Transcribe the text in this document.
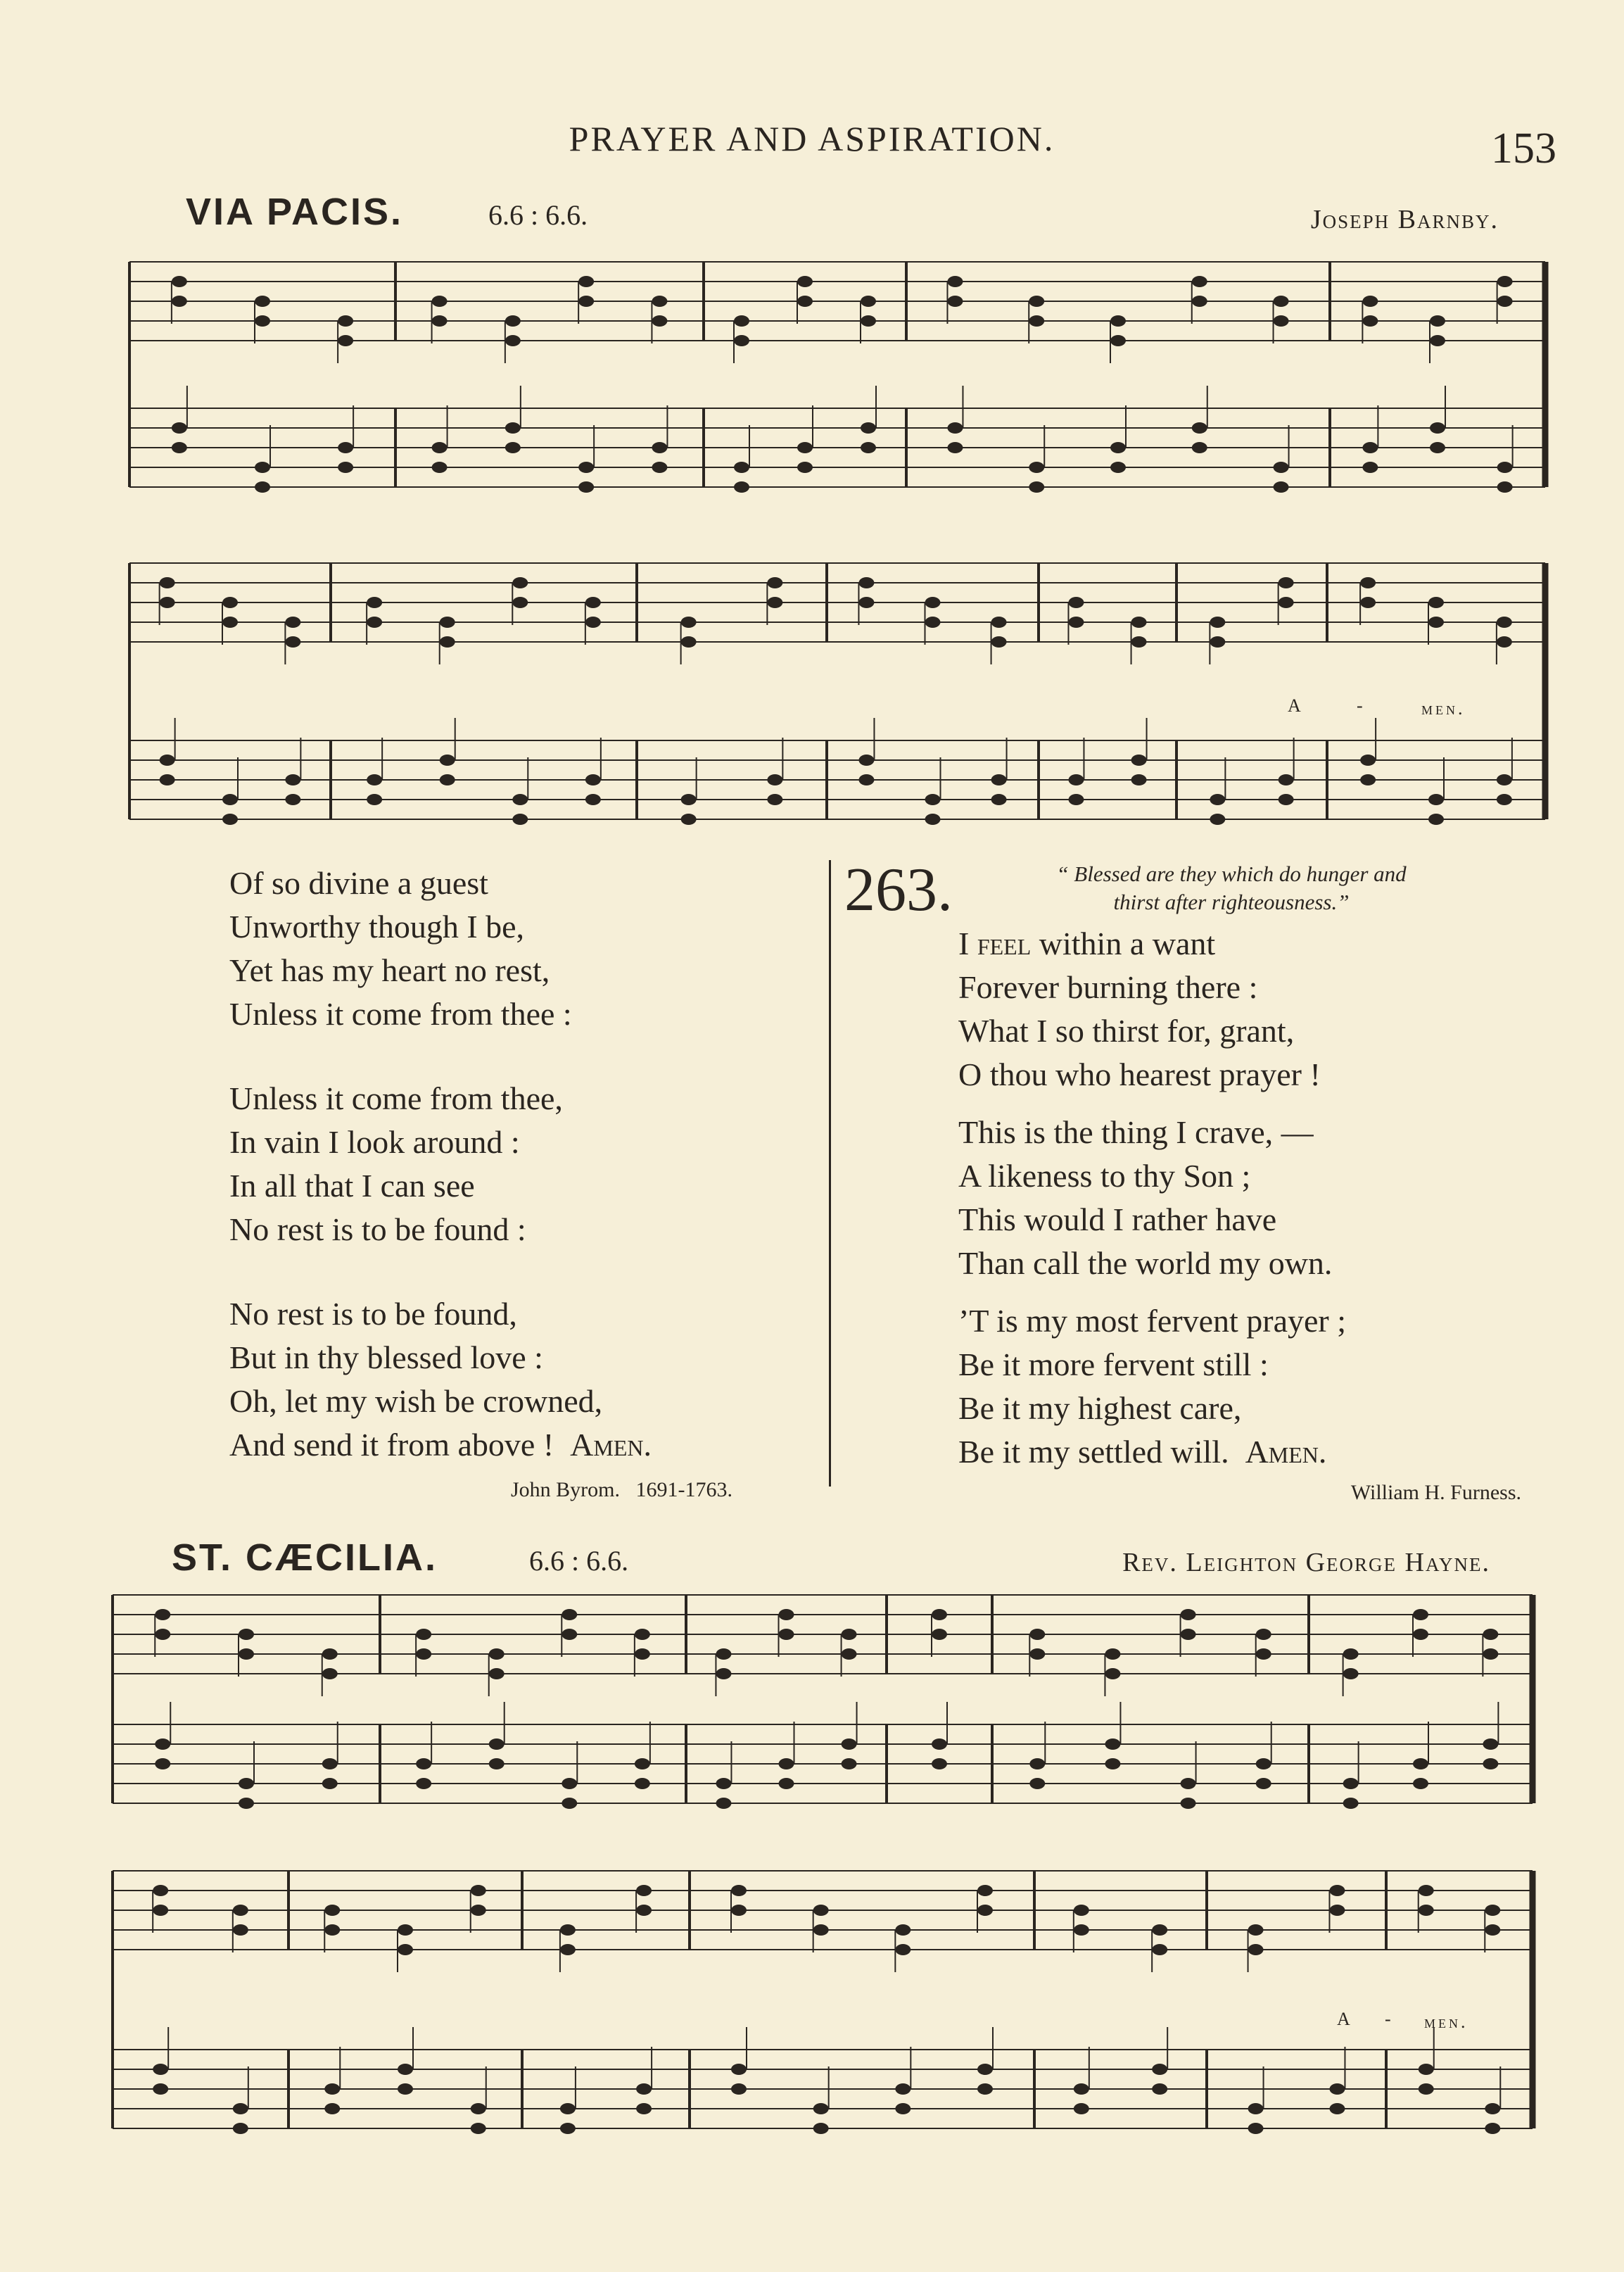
PRAYER AND ASPIRATION.	153
VIA PACIS.	6.6 : 6.6.	Joseph Barnby.
A	-	men.
Of so divine a guest
Unworthy though I be,
Yet has my heart no rest,
Unless it come from thee :
Unless it come from thee,
In vain I look around :
In all that I can see
No rest is to be found :
No rest is to be found,
But in thy blessed love :
Oh, let my wish be crowned,
And send it from above ! Amen.
John Byrom. 1691-1763.
263.	“ Blessed are they which do hunger and
thirst after righteousness.”
I feel within a want
Forever burning there :
What I so thirst for, grant,
O thou who hearest prayer !
This is the thing I crave, —
A likeness to thy Son ;
This would I rather have
Than call the world my own.
’T is my most fervent prayer ;
Be it more fervent still :
Be it my highest care,
Be it my settled will. Amen.
William H. Furness.
ST. CÆCILIA.	6.6 : 6.6.	Rev. Leighton George Hayne.
A - men.
